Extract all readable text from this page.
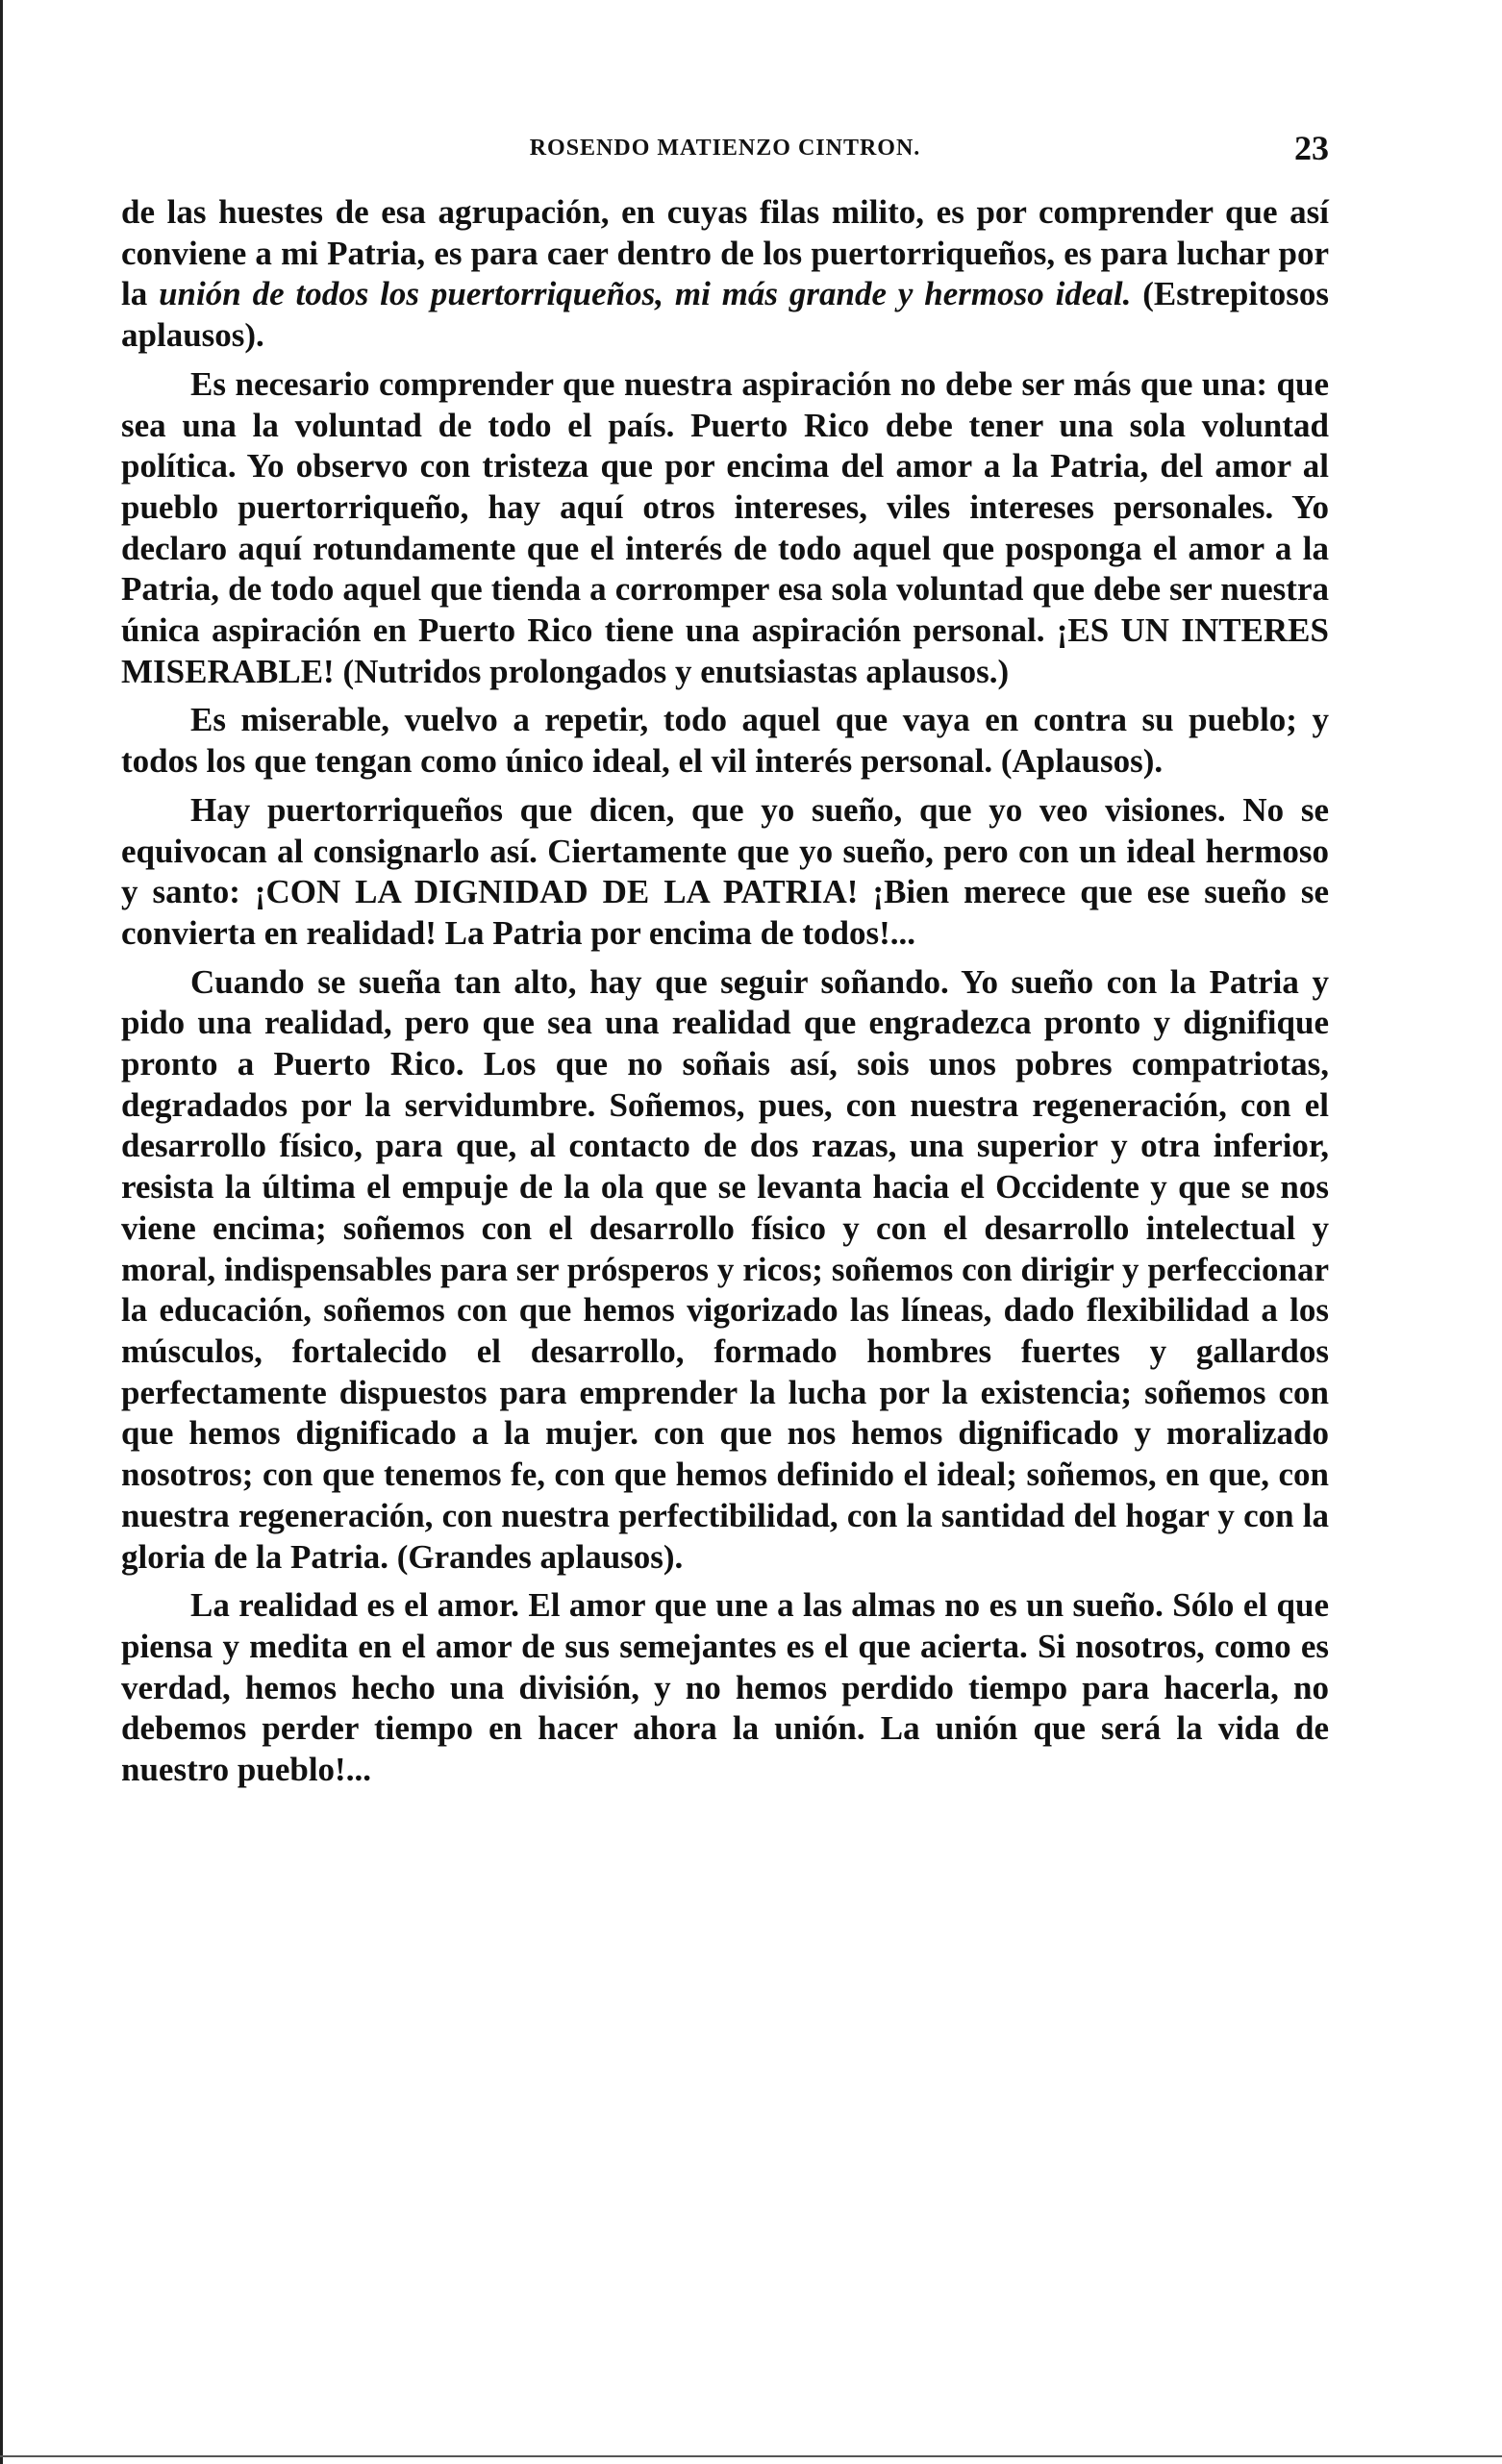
ROSENDO MATIENZO CINTRON.	23

de las huestes de esa agrupación, en cuyas filas milito, es por comprender que así conviene a mi Patria, es para caer dentro de los puertorriqueños, es para luchar por la unión de todos los puertorriqueños, mi más grande y hermoso ideal. (Estrepitosos aplausos).

Es necesario comprender que nuestra aspiración no debe ser más que una: que sea una la voluntad de todo el país. Puerto Rico debe tener una sola voluntad política. Yo observo con tristeza que por encima del amor a la Patria, del amor al pueblo puertorriqueño, hay aquí otros intereses, viles intereses personales. Yo declaro aquí rotundamente que el interés de todo aquel que posponga el amor a la Patria, de todo aquel que tienda a corromper esa sola voluntad que debe ser nuestra única aspiración en Puerto Rico tiene una aspiración personal. ¡ES UN INTERES MISERABLE! (Nutridos prolongados y enutsiastas aplausos.)

Es miserable, vuelvo a repetir, todo aquel que vaya en contra su pueblo; y todos los que tengan como único ideal, el vil interés personal. (Aplausos).

Hay puertorriqueños que dicen, que yo sueño, que yo veo visiones. No se equivocan al consignarlo así. Ciertamente que yo sueño, pero con un ideal hermoso y santo: ¡CON LA DIGNIDAD DE LA PATRIA! ¡Bien merece que ese sueño se convierta en realidad! La Patria por encima de todos!...

Cuando se sueña tan alto, hay que seguir soñando. Yo sueño con la Patria y pido una realidad, pero que sea una realidad que engradezca pronto y dignifique pronto a Puerto Rico. Los que no soñais así, sois unos pobres compatriotas, degradados por la servidumbre. Soñemos, pues, con nuestra regeneración, con el desarrollo físico, para que, al contacto de dos razas, una superior y otra inferior, resista la última el empuje de la ola que se levanta hacia el Occidente y que se nos viene encima; soñemos con el desarrollo físico y con el desarrollo intelectual y moral, indispensables para ser prósperos y ricos; soñemos con dirigir y perfeccionar la educación, soñemos con que hemos vigorizado las líneas, dado flexibilidad a los músculos, fortalecido el desarrollo, formado hombres fuertes y gallardos perfectamente dispuestos para emprender la lucha por la existencia; soñemos con que hemos dignificado a la mujer. con que nos hemos dignificado y moralizado nosotros; con que tenemos fe, con que hemos definido el ideal; soñemos, en que, con nuestra regeneración, con nuestra perfectibilidad, con la santidad del hogar y con la gloria de la Patria. (Grandes aplausos).

La realidad es el amor. El amor que une a las almas no es un sueño. Sólo el que piensa y medita en el amor de sus semejantes es el que acierta. Si nosotros, como es verdad, hemos hecho una división, y no hemos perdido tiempo para hacerla, no debemos perder tiempo en hacer ahora la unión. La unión que será la vida de nuestro pueblo!...
